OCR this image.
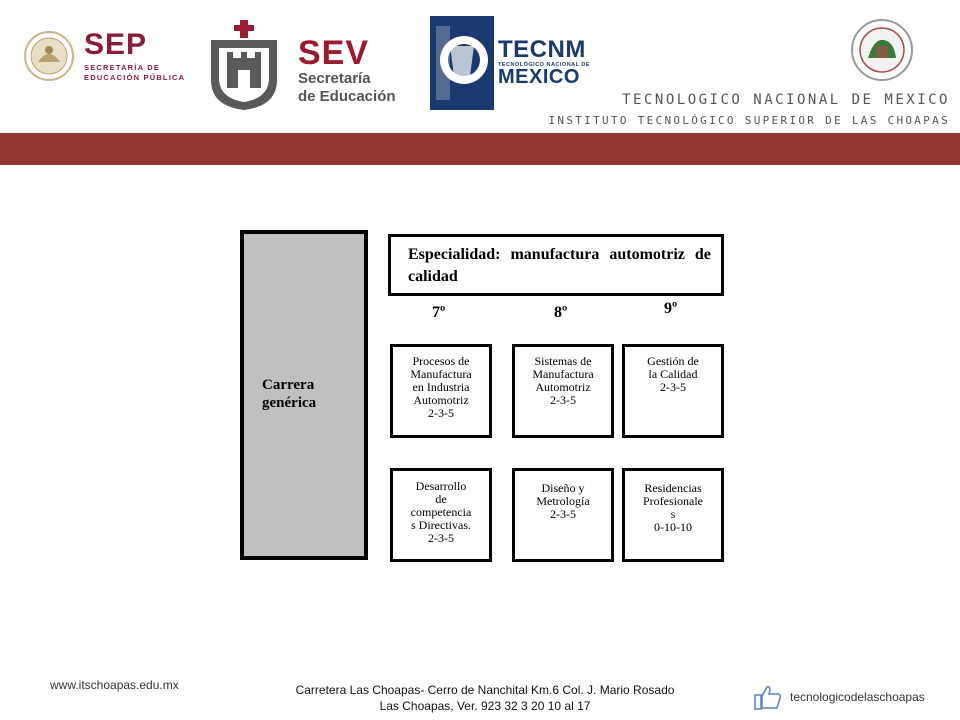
SEP
SECRETARÍA DE
EDUCACIÓN PÚBLICA
SEV
Secretaría
de Educación
TECNM
TECNOLÓGICO NACIONAL DE
MEXICO
TECNOLOGICO NACIONAL DE MEXICO
INSTITUTO TECNOLÓGICO SUPERIOR DE LAS CHOAPAS
Carrera
genérica
Especialidad: manufactura automotriz de calidad
7º	8º	9º
Procesos de
Manufactura
en Industria
Automotriz
2-3-5
Sistemas de
Manufactura
Automotriz
2-3-5
Gestión de
la Calidad
2-3-5
Desarrollo
de
competencia
s Directivas.
2-3-5
Diseño y
Metrología
2-3-5
Residencias
Profesionale
s
0-10-10
www.itschoapas.edu.mx	Carretera Las Choapas- Cerro de Nanchital Km.6 Col. J. Mario Rosado
Las Choapas, Ver. 923 32 3 20 10 al 17
tecnologicodelaschoapas
